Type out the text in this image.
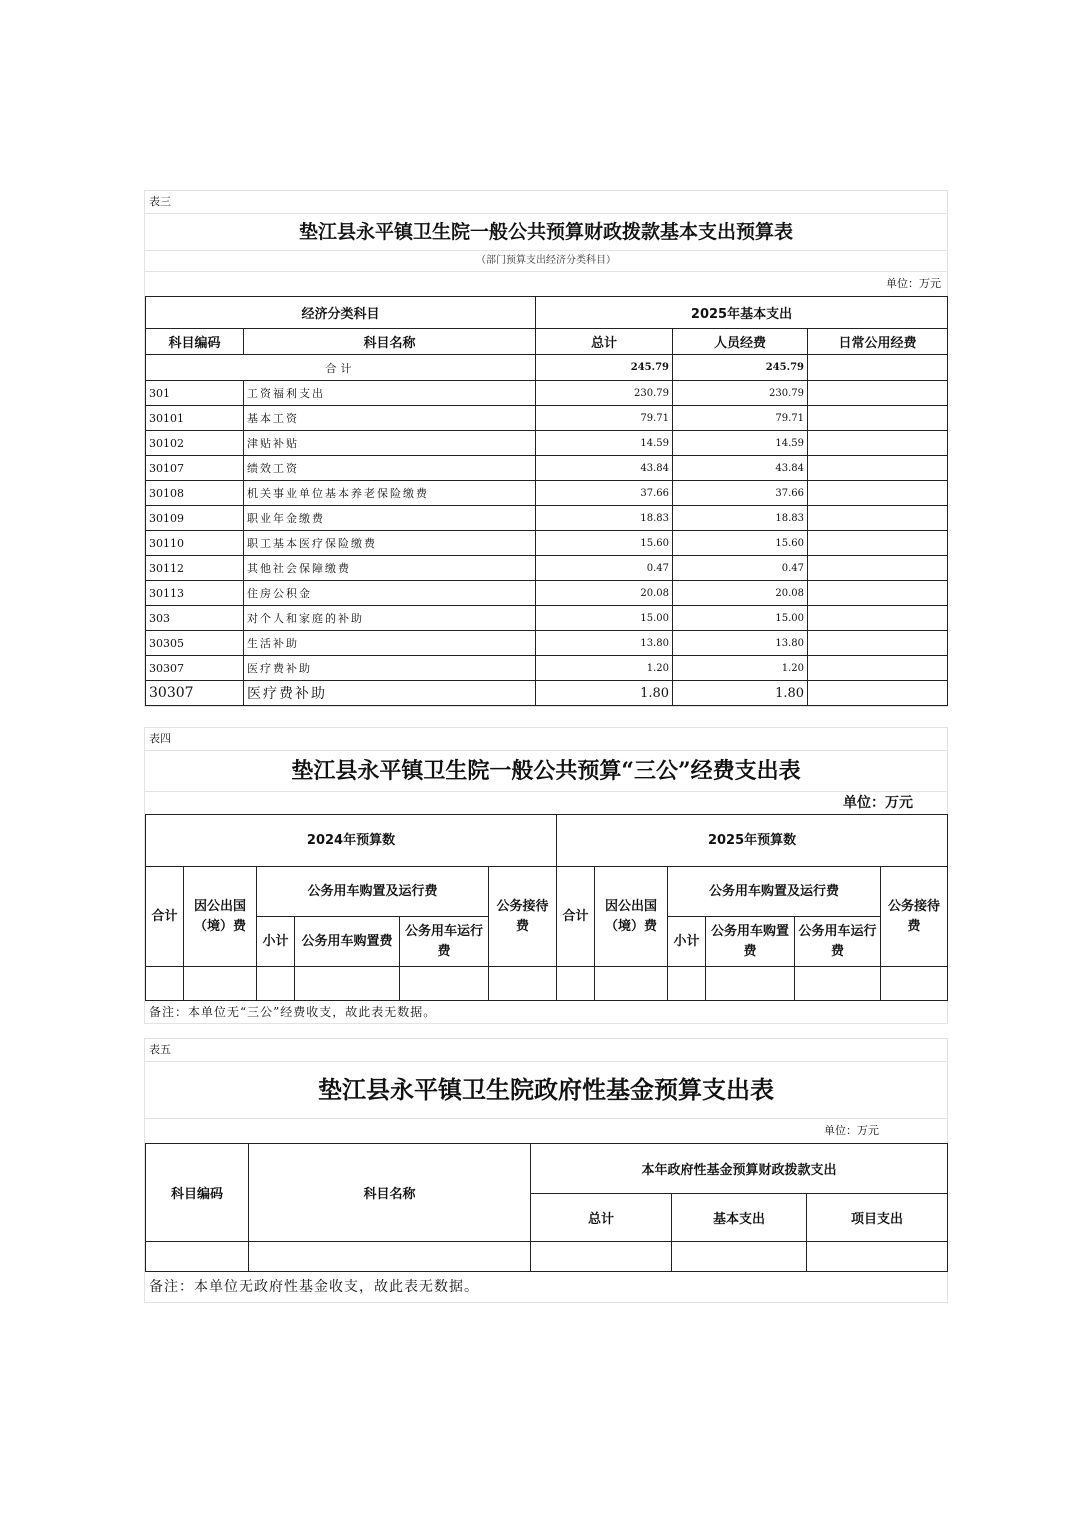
表三
垫江县永平镇卫生院一般公共预算财政拨款基本支出预算表
（部门预算支出经济分类科目）
单位：万元
经济分类科目		2025年基本支出		
科目编码	科目名称	总计	人员经费	日常公用经费
合计		245.79	245.79	
301	工资福利支出	230.79	230.79	
30101	基本工资	79.71	79.71	
30102	津贴补贴	14.59	14.59	
30107	绩效工资	43.84	43.84	
30108	机关事业单位基本养老保险缴费	37.66	37.66	
30109	职业年金缴费	18.83	18.83	
30110	职工基本医疗保险缴费	15.60	15.60	
30112	其他社会保障缴费	0.47	0.47	
30113	住房公积金	20.08	20.08	
303	对个人和家庭的补助	15.00	15.00	
30305	生活补助	13.80	13.80	
30307	医疗费补助	1.20	1.20	
30307	医疗费补助	1.80	1.80	
表四
垫江县永平镇卫生院一般公共预算“三公”经费支出表
单位：万元
2024年预算数						2025年预算数					
合计	因公出国（境）费	公务用车购置及运行费			公务接待费	合计	因公出国（境）费	公务用车购置及运行费			公务接待费
		小计	公务用车购置费	公务用车运行费				小计	公务用车购置费	公务用车运行费	

备注：本单位无“三公”经费收支，故此表无数据。
表五
垫江县永平镇卫生院政府性基金预算支出表
单位：万元
科目编码	科目名称	本年政府性基金预算财政拨款支出		
		总计	基本支出	项目支出

备注：本单位无政府性基金收支，故此表无数据。
